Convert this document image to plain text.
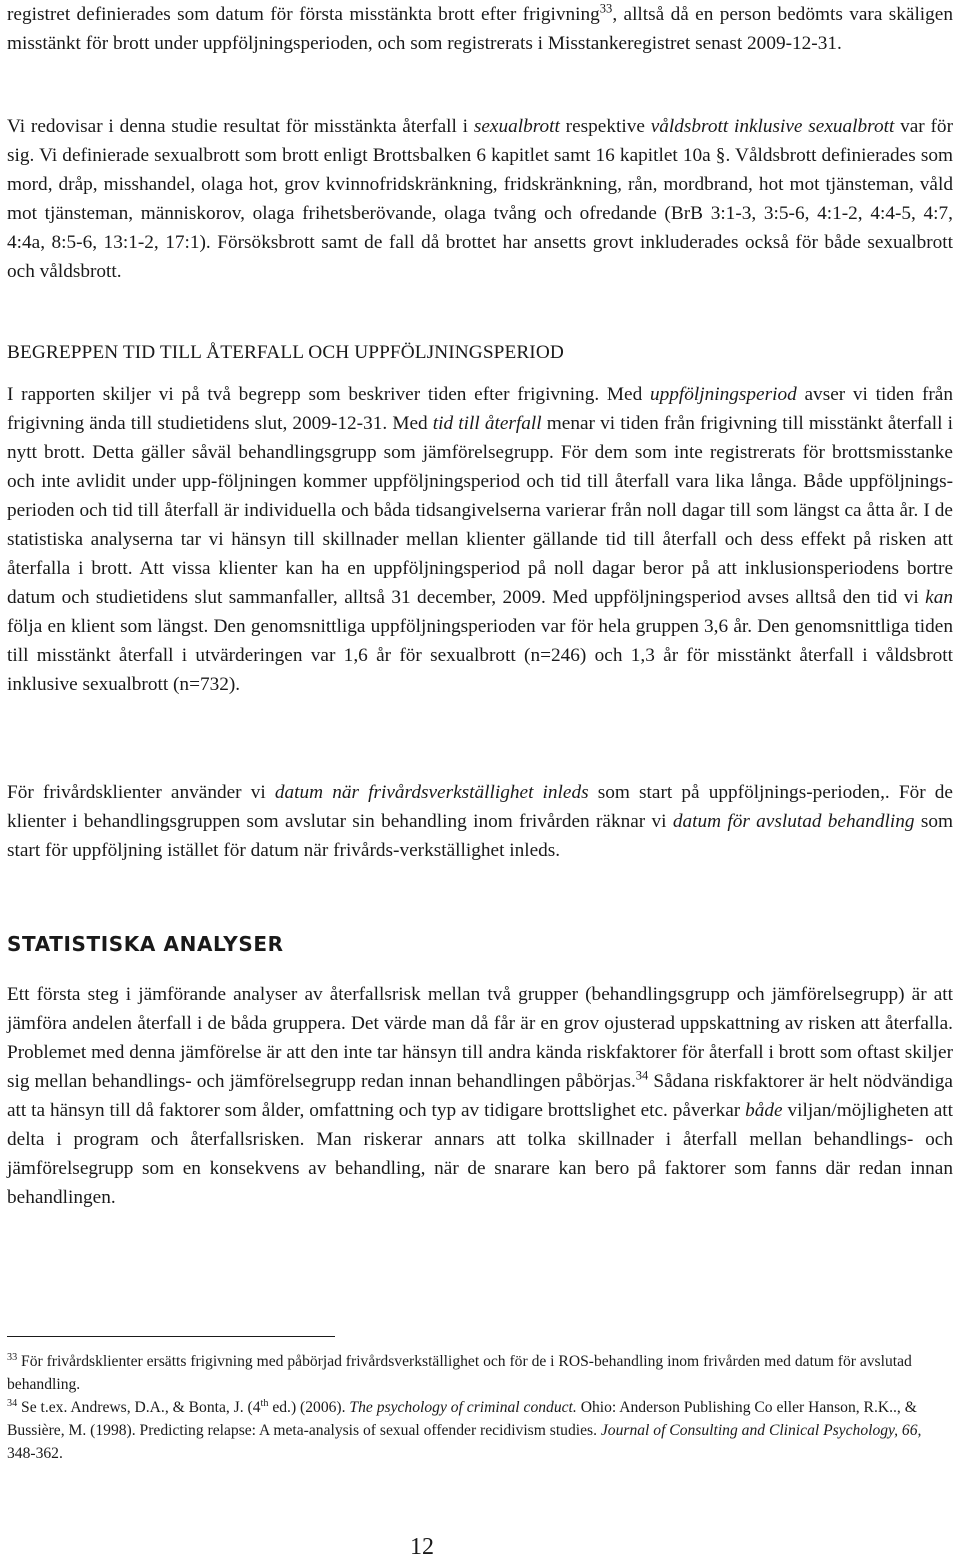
registret definierades som datum för första misstänkta brott efter frigivning$^{33}$, alltså då en person bedömts vara skäligen misstänkt för brott under uppföljningsperioden, och som registrerats i Misstankeregistret senast 2009-12-31.

Vi redovisar i denna studie resultat för misstänkta återfall i sexualbrott respektive våldsbrott inklusive sexualbrott var för sig. Vi definierade sexualbrott som brott enligt Brottsbalken 6 kapitlet samt 16 kapitlet 10a §. Våldsbrott definierades som mord, dråp, misshandel, olaga hot, grov kvinnofridskränkning, fridskränkning, rån, mordbrand, hot mot tjänsteman, våld mot tjänsteman, människorov, olaga frihetsberövande, olaga tvång och ofredande (BrB 3:1-3, 3:5-6, 4:1-2, 4:4-5, 4:7, 4:4a, 8:5-6, 13:1-2, 17:1). Försöksbrott samt de fall då brottet har ansetts grovt inkluderades också för både sexualbrott och våldsbrott.

BEGREPPEN TID TILL ÅTERFALL OCH UPPFÖLJNINGSPERIOD

I rapporten skiljer vi på två begrepp som beskriver tiden efter frigivning. Med uppföljningsperiod avser vi tiden från frigivning ända till studietidens slut, 2009-12-31. Med tid till återfall menar vi tiden från frigivning till misstänkt återfall i nytt brott. Detta gäller såväl behandlingsgrupp som jämförelsegrupp. För dem som inte registrerats för brottsmisstanke och inte avlidit under upp-följningen kommer uppföljningsperiod och tid till återfall vara lika långa. Både uppföljnings-perioden och tid till återfall är individuella och båda tidsangivelserna varierar från noll dagar till som längst ca åtta år. I de statistiska analyserna tar vi hänsyn till skillnader mellan klienter gällande tid till återfall och dess effekt på risken att återfalla i brott. Att vissa klienter kan ha en uppföljningsperiod på noll dagar beror på att inklusionsperiodens bortre datum och studietidens slut sammanfaller, alltså 31 december, 2009. Med uppföljningsperiod avses alltså den tid vi kan följa en klient som längst. Den genomsnittliga uppföljningsperioden var för hela gruppen 3,6 år. Den genomsnittliga tiden till misstänkt återfall i utvärderingen var 1,6 år för sexualbrott (n=246) och 1,3 år för misstänkt återfall i våldsbrott inklusive sexualbrott (n=732).

För frivårdsklienter använder vi datum när frivårdsverkställighet inleds som start på uppföljnings-perioden,. För de klienter i behandlingsgruppen som avslutar sin behandling inom frivården räknar vi datum för avslutad behandling som start för uppföljning istället för datum när frivårds-verkställighet inleds.

STATISTISKA ANALYSER

Ett första steg i jämförande analyser av återfallsrisk mellan två grupper (behandlingsgrupp och jämförelsegrupp) är att jämföra andelen återfall i de båda gruppera. Det värde man då får är en grov ojusterad uppskattning av risken att återfalla. Problemet med denna jämförelse är att den inte tar hänsyn till andra kända riskfaktorer för återfall i brott som oftast skiljer sig mellan behandlings- och jämförelsegrupp redan innan behandlingen påbörjas.$^{34}$ Sådana riskfaktorer är helt nödvändiga att ta hänsyn till då faktorer som ålder, omfattning och typ av tidigare brottslighet etc. påverkar både viljan/möjligheten att delta i program och återfallsrisken. Man riskerar annars att tolka skillnader i återfall mellan behandlings- och jämförelsegrupp som en konsekvens av behandling, när de snarare kan bero på faktorer som fanns där redan innan behandlingen.

$^{33}$ För frivårdsklienter ersätts frigivning med påbörjad frivårdsverkställighet och för de i ROS-behandling inom frivården med datum för avslutad behandling.

$^{34}$ Se t.ex. Andrews, D.A., & Bonta, J. (4th ed.) (2006). The psychology of criminal conduct. Ohio: Anderson Publishing Co eller Hanson, R.K.., & Bussière, M. (1998). Predicting relapse: A meta-analysis of sexual offender recidivism studies. Journal of Consulting and Clinical Psychology, 66, 348-362.

12
